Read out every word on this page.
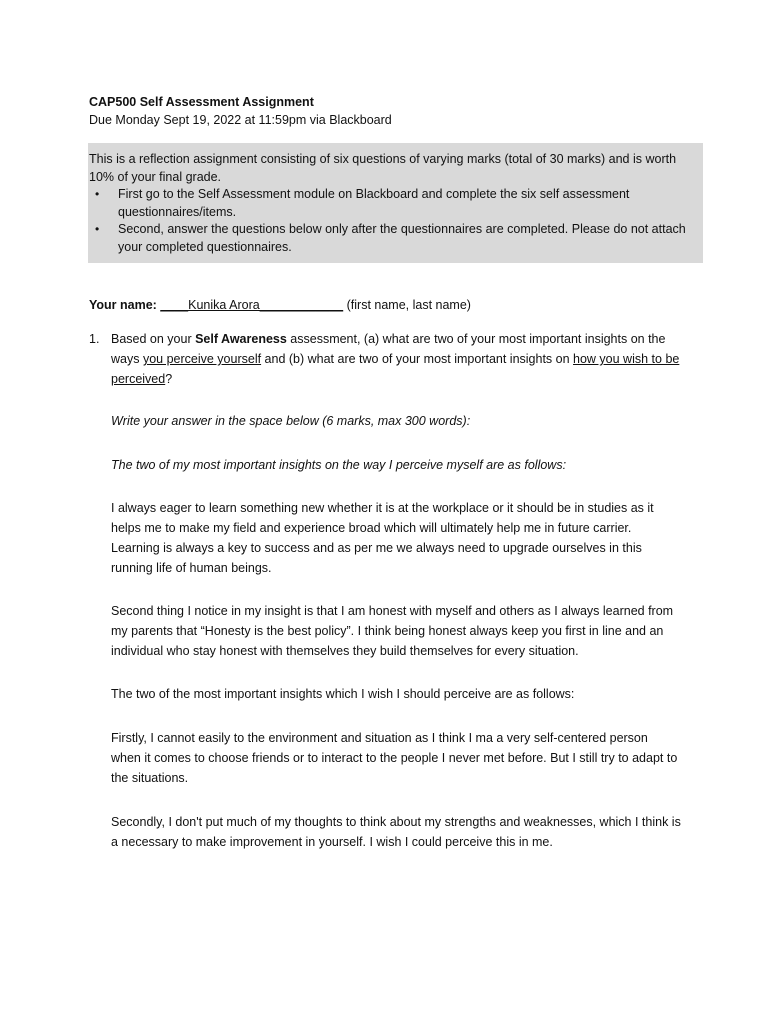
CAP500 Self Assessment Assignment

Due Monday Sept 19, 2022 at 11:59pm via Blackboard

This is a reflection assignment consisting of six questions of varying marks (total of 30 marks) and is worth 10% of your final grade.

• First go to the Self Assessment module on Blackboard and complete the six self assessment questionnaires/items.
• Second, answer the questions below only after the questionnaires are completed. Please do not attach your completed questionnaires.
Your name: ____Kunika Arora____________ (first name, last name)
1. Based on your Self Awareness assessment, (a) what are two of your most important insights on the ways you perceive yourself and (b) what are two of your most important insights on how you wish to be perceived?

Write your answer in the space below (6 marks, max 300 words):

The two of my most important insights on the way I perceive myself are as follows:

I always eager to learn something new whether it is at the workplace or it should be in studies as it helps me to make my field and experience broad which will ultimately help me in future carrier. Learning is always a key to success and as per me we always need to upgrade ourselves in this running life of human beings.

Second thing I notice in my insight is that I am honest with myself and others as I always learned from my parents that “Honesty is the best policy”. I think being honest always keep you first in line and an individual who stay honest with themselves they build themselves for every situation.

The two of the most important insights which I wish I should perceive are as follows:

Firstly, I cannot easily to the environment and situation as I think I ma a very self-centered person when it comes to choose friends or to interact to the people I never met before. But I still try to adapt to the situations.

Secondly, I don't put much of my thoughts to think about my strengths and weaknesses, which I think is a necessary to make improvement in yourself. I wish I could perceive this in me.
